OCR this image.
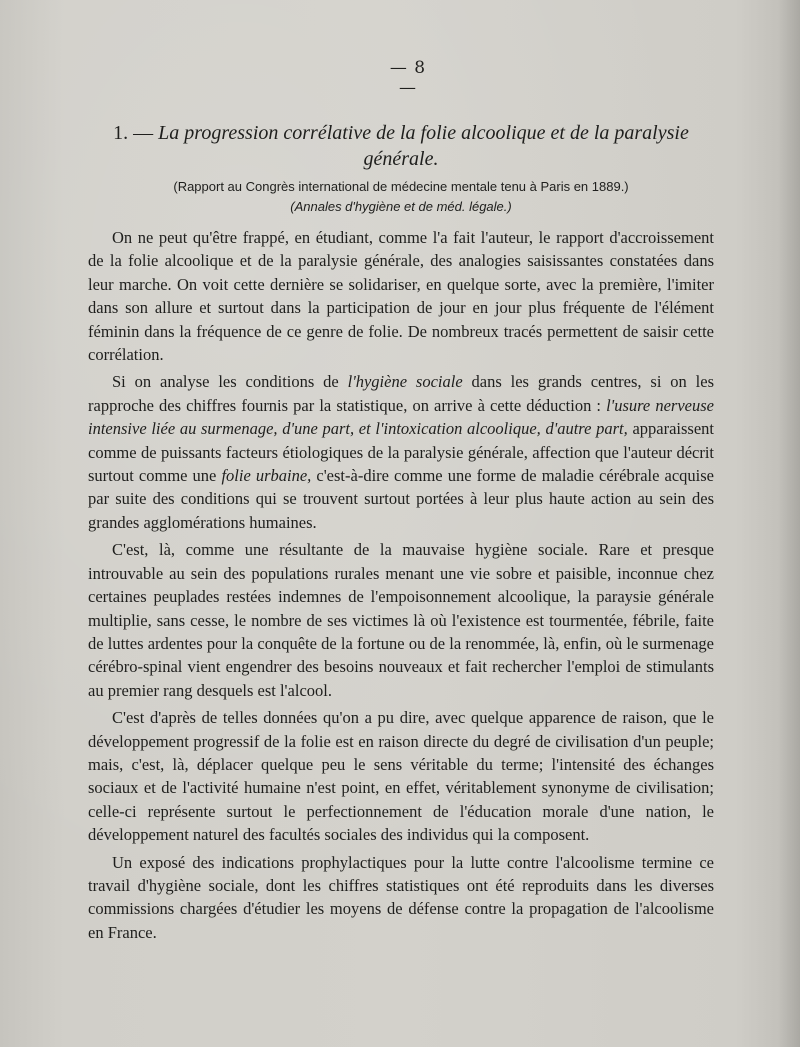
— 8 —

1. — La progression corrélative de la folie alcoolique et de la paralysie générale.

(Rapport au Congrès international de médecine mentale tenu à Paris en 1889.)

(Annales d'hygiène et de méd. légale.)

On ne peut qu'être frappé, en étudiant, comme l'a fait l'auteur, le rapport d'accroissement de la folie alcoolique et de la paralysie générale, des analogies saisissantes constatées dans leur marche. On voit cette dernière se solidariser, en quelque sorte, avec la première, l'imiter dans son allure et surtout dans la participation de jour en jour plus fréquente de l'élément féminin dans la fréquence de ce genre de folie. De nombreux tracés permettent de saisir cette corrélation.

Si on analyse les conditions de l'hygiène sociale dans les grands centres, si on les rapproche des chiffres fournis par la statistique, on arrive à cette déduction : l'usure nerveuse intensive liée au surmenage, d'une part, et l'intoxication alcoolique, d'autre part, apparaissent comme de puissants facteurs étiologiques de la paralysie générale, affection que l'auteur décrit surtout comme une folie urbaine, c'est-à-dire comme une forme de maladie cérébrale acquise par suite des conditions qui se trouvent surtout portées à leur plus haute action au sein des grandes agglomérations humaines.

C'est, là, comme une résultante de la mauvaise hygiène sociale. Rare et presque introuvable au sein des populations rurales menant une vie sobre et paisible, inconnue chez certaines peuplades restées indemnes de l'empoisonnement alcoolique, la paraysie générale multiplie, sans cesse, le nombre de ses victimes là où l'existence est tourmentée, fébrile, faite de luttes ardentes pour la conquête de la fortune ou de la renommée, là, enfin, où le surmenage cérébro-spinal vient engendrer des besoins nouveaux et fait rechercher l'emploi de stimulants au premier rang desquels est l'alcool.

C'est d'après de telles données qu'on a pu dire, avec quelque apparence de raison, que le développement progressif de la folie est en raison directe du degré de civilisation d'un peuple; mais, c'est, là, déplacer quelque peu le sens véritable du terme; l'intensité des échanges sociaux et de l'activité humaine n'est point, en effet, véritablement synonyme de civilisation; celle-ci représente surtout le perfectionnement de l'éducation morale d'une nation, le développement naturel des facultés sociales des individus qui la composent.

Un exposé des indications prophylactiques pour la lutte contre l'alcoolisme termine ce travail d'hygiène sociale, dont les chiffres statistiques ont été reproduits dans les diverses commissions chargées d'étudier les moyens de défense contre la propagation de l'alcoolisme en France.
